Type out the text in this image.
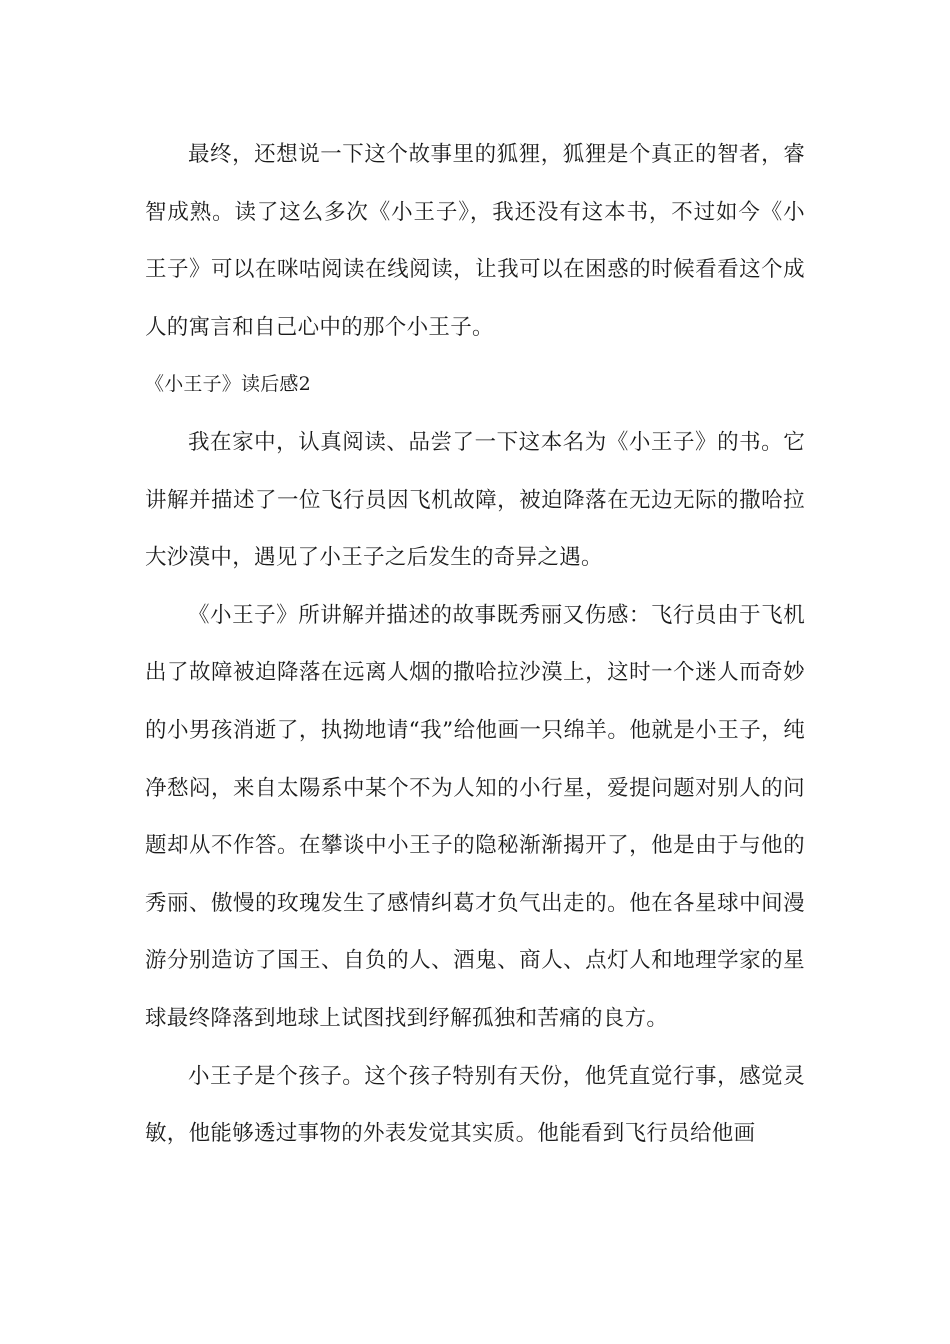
最终，还想说一下这个故事里的狐狸，狐狸是个真正的智者，睿智成熟。读了这么多次《小王子》，我还没有这本书，不过如今《小王子》可以在咪咕阅读在线阅读，让我可以在困惑的时候看看这个成人的寓言和自己心中的那个小王子。

《小王子》读后感2

我在家中，认真阅读、品尝了一下这本名为《小王子》的书。它讲解并描述了一位飞行员因飞机故障，被迫降落在无边无际的撒哈拉大沙漠中，遇见了小王子之后发生的奇异之遇。

《小王子》所讲解并描述的故事既秀丽又伤感：飞行员由于飞机出了故障被迫降落在远离人烟的撒哈拉沙漠上，这时一个迷人而奇妙的小男孩消逝了，执拗地请“我”给他画一只绵羊。他就是小王子，纯净愁闷，来自太陽系中某个不为人知的小行星，爱提问题对别人的问题却从不作答。在攀谈中小王子的隐秘渐渐揭开了，他是由于与他的秀丽、傲慢的玫瑰发生了感情纠葛才负气出走的。他在各星球中间漫游分别造访了国王、自负的人、酒鬼、商人、点灯人和地理学家的星球最终降落到地球上试图找到纾解孤独和苦痛的良方。

小王子是个孩子。这个孩子特别有天份，他凭直觉行事，感觉灵敏，他能够透过事物的外表发觉其实质。他能看到飞行员给他画
